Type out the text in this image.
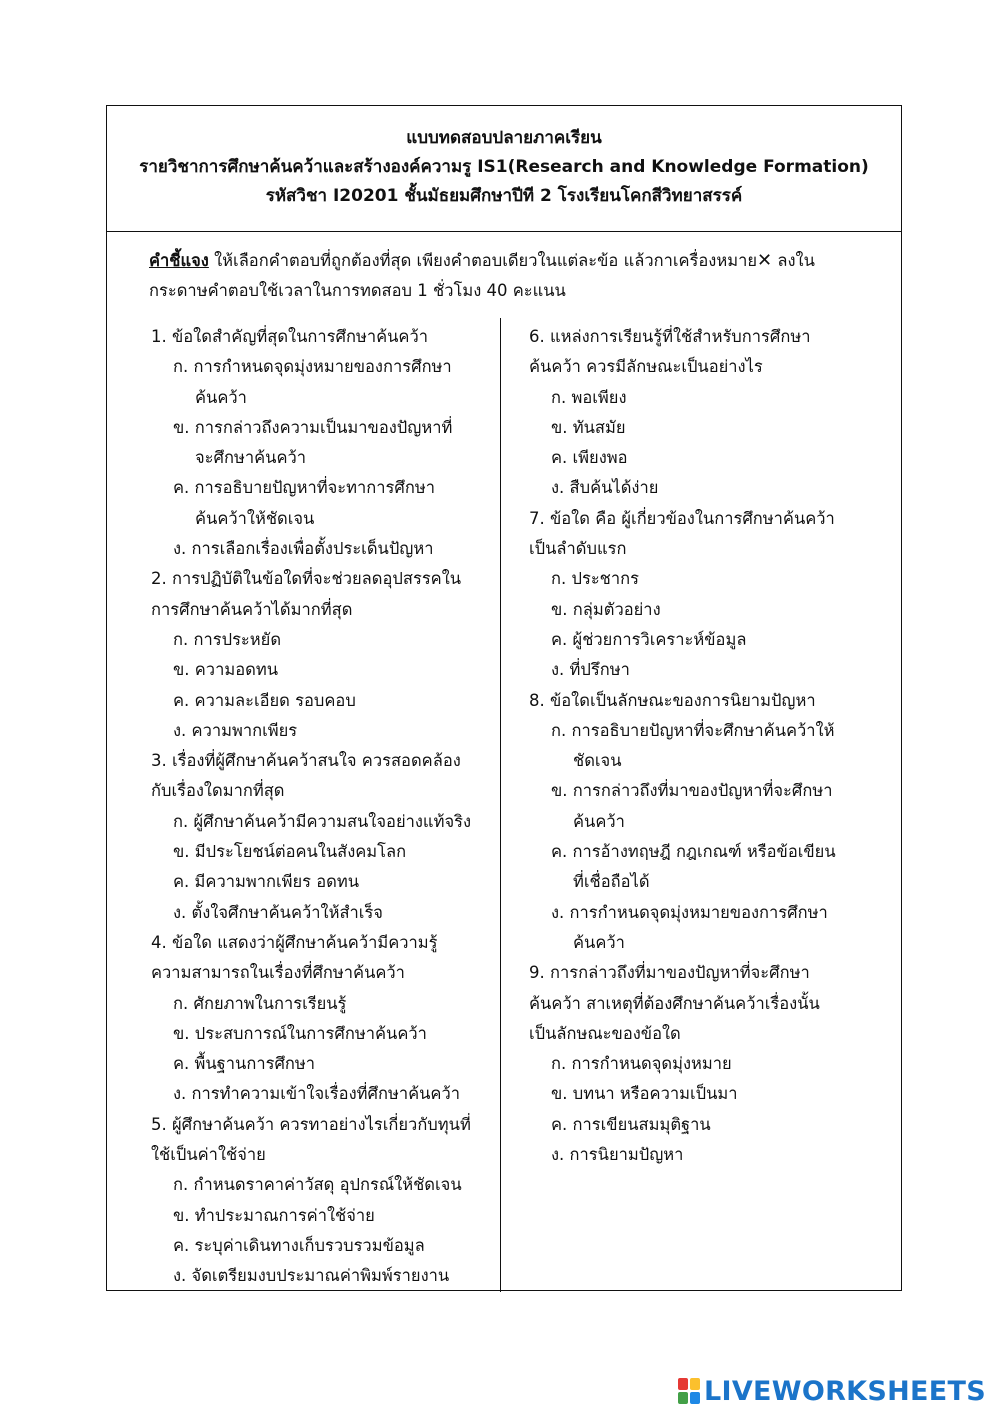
แบบทดสอบปลายภาคเรียน
รายวิชาการศึกษาค้นคว้าและสร้างองค์ความรู IS1(Research and Knowledge Formation)
รหัสวิชา I20201 ชั้นมัธยมศึกษาปีที 2 โรงเรียนโคกสีวิทยาสรรค์
คำชี้แจง ให้เลือกคำตอบที่ถูกต้องที่สุด เพียงคำตอบเดียวในแต่ละข้อ แล้วกาเครื่องหมาย✕ ลงใน
กระดาษคำตอบใช้เวลาในการทดสอบ 1 ชั่วโมง 40 คะแนน
1. ข้อใดสำคัญที่สุดในการศึกษาค้นคว้า
ก. การกำหนดจุดมุ่งหมายของการศึกษา
ค้นคว้า
ข. การกล่าวถึงความเป็นมาของปัญหาที่
จะศึกษาค้นคว้า
ค. การอธิบายปัญหาที่จะทาการศึกษา
ค้นคว้าให้ชัดเจน
ง. การเลือกเรื่องเพื่อตั้งประเด็นปัญหา
2. การปฏิบัติในข้อใดที่จะช่วยลดอุปสรรคใน
การศึกษาค้นคว้าได้มากที่สุด
ก. การประหยัด
ข. ความอดทน
ค. ความละเอียด รอบคอบ
ง. ความพากเพียร
3. เรื่องที่ผู้ศึกษาค้นคว้าสนใจ ควรสอดคล้อง
กับเรื่องใดมากที่สุด
ก. ผู้ศึกษาค้นคว้ามีความสนใจอย่างแท้จริง
ข. มีประโยชน์ต่อคนในสังคมโลก
ค. มีความพากเพียร อดทน
ง. ตั้งใจศึกษาค้นคว้าให้สำเร็จ
4. ข้อใด แสดงว่าผู้ศึกษาค้นคว้ามีความรู้
ความสามารถในเรื่องที่ศึกษาค้นคว้า
ก. ศักยภาพในการเรียนรู้
ข. ประสบการณ์ในการศึกษาค้นคว้า
ค. พื้นฐานการศึกษา
ง. การทำความเข้าใจเรื่องที่ศึกษาค้นคว้า
5. ผู้ศึกษาค้นคว้า ควรทาอย่างไรเกี่ยวกับทุนที่
ใช้เป็นค่าใช้จ่าย
ก. กำหนดราคาค่าวัสดุ อุปกรณ์ให้ชัดเจน
ข. ทำประมาณการค่าใช้จ่าย
ค. ระบุค่าเดินทางเก็บรวบรวมข้อมูล
ง. จัดเตรียมงบประมาณค่าพิมพ์รายงาน
6. แหล่งการเรียนรู้ที่ใช้สำหรับการศึกษา
ค้นคว้า ควรมีลักษณะเป็นอย่างไร
ก. พอเพียง
ข. ทันสมัย
ค. เพียงพอ
ง. สืบค้นได้ง่าย
7. ข้อใด คือ ผู้เกี่ยวข้องในการศึกษาค้นคว้า
เป็นลำดับแรก
ก. ประชากร
ข. กลุ่มตัวอย่าง
ค. ผู้ช่วยการวิเคราะห์ข้อมูล
ง. ที่ปรึกษา
8. ข้อใดเป็นลักษณะของการนิยามปัญหา
ก. การอธิบายปัญหาที่จะศึกษาค้นคว้าให้
ชัดเจน
ข. การกล่าวถึงที่มาของปัญหาที่จะศึกษา
ค้นคว้า
ค. การอ้างทฤษฎี กฎเกณฑ์ หรือข้อเขียน
ที่เชื่อถือได้
ง. การกำหนดจุดมุ่งหมายของการศึกษา
ค้นคว้า
9. การกล่าวถึงที่มาของปัญหาที่จะศึกษา
ค้นคว้า สาเหตุที่ต้องศึกษาค้นคว้าเรื่องนั้น
เป็นลักษณะของข้อใด
ก. การกำหนดจุดมุ่งหมาย
ข. บทนา หรือความเป็นมา
ค. การเขียนสมมุติฐาน
ง. การนิยามปัญหา
LIVEWORKSHEETS
